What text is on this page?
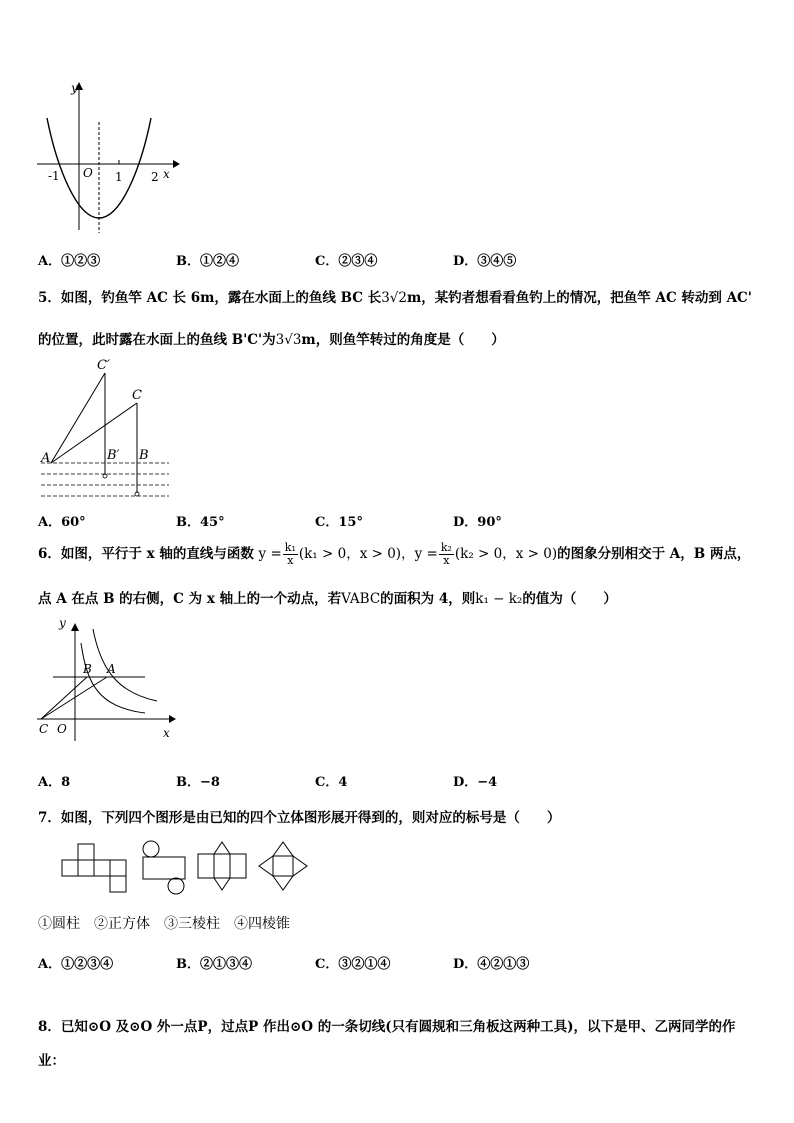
y
x
-1 O 1 2
A．①②③	B．①②④	C．②③④	D．③④⑤
5．如图，钓鱼竿 AC 长 6m，露在水面上的鱼线 BC 长3√2m，某钓者想看看鱼钓上的情况，把鱼竿 AC 转动到 AC'
的位置，此时露在水面上的鱼线 B'C'为3√3m，则鱼竿转过的角度是（　　）
C′
C
A	B′ B
A．60°	B．45°	C．15°	D．90°
6．如图，平行于 x 轴的直线与函数 $y = \frac{\text{k₁}}{x} (k_1 > 0$，x > 0)，$y = \frac{\text{k₂}}{x} (k_2 > 0$，x > 0)的图象分别相交于 A，B 两点，
点 A 在点 B 的右侧，C 为 x 轴上的一个动点，若VABC的面积为 4，则k₁ − k₂的值为（　　）
y
B A
C O	x
A．8	B．−8	C．4	D．−4
7．如图，下列四个图形是由已知的四个立体图形展开得到的，则对应的标号是（　　）
①圆柱　②正方体　③三棱柱　④四棱锥
A．①②③④	B．②①③④	C．③②①④	D．④②①③
8．已知⊙O 及⊙O 外一点P，过点P 作出⊙O 的一条切线(只有圆规和三角板这两种工具)，以下是甲、乙两同学的作
业：
